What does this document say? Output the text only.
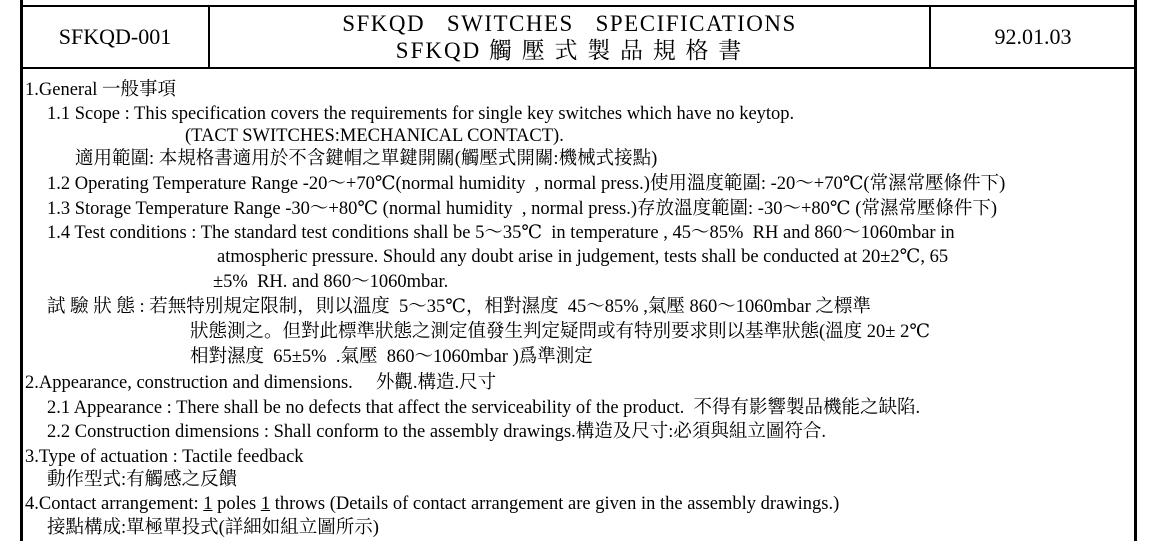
SFKQD-001
SFKQD   SWITCHES   SPECIFICATIONS
SFKQD 觸 壓 式 製 品 規 格 書
92.01.03
1.General 一般事項
1.1 Scope : This specification covers the requirements for single key switches which have no keytop.
(TACT SWITCHES:MECHANICAL CONTACT).
適用範圍: 本規格書適用於不含鍵帽之單鍵開關(觸壓式開關:機械式接點)
1.2 Operating Temperature Range -20～+70℃(normal humidity  , normal press.)使用溫度範圍: -20～+70℃(常濕常壓條件下)
1.3 Storage Temperature Range -30～+80℃ (normal humidity  , normal press.)存放溫度範圍: -30～+80℃ (常濕常壓條件下)
1.4 Test conditions : The standard test conditions shall be 5～35℃  in temperature , 45～85%  RH and 860～1060mbar in
atmospheric pressure. Should any doubt arise in judgement, tests shall be conducted at 20±2℃, 65
±5%  RH. and 860～1060mbar.
試 驗 狀 態 : 若無特別規定限制，則以溫度  5～35℃，相對濕度  45～85% ,氣壓 860～1060mbar 之標準
狀態測之。但對此標準狀態之測定值發生判定疑問或有特別要求則以基準狀態(溫度 20± 2℃
相對濕度  65±5%  .氣壓  860～1060mbar )爲準測定
2.Appearance, construction and dimensions.     外觀.構造.尺寸
2.1 Appearance : There shall be no defects that affect the serviceability of the product.  不得有影響製品機能之缺陷.
2.2 Construction dimensions : Shall conform to the assembly drawings.構造及尺寸:必須與組立圖符合.
3.Type of actuation : Tactile feedback
動作型式:有觸感之反饋
4.Contact arrangement: 1 poles 1 throws (Details of contact arrangement are given in the assembly drawings.)
接點構成:單極單投式(詳細如組立圖所示)
